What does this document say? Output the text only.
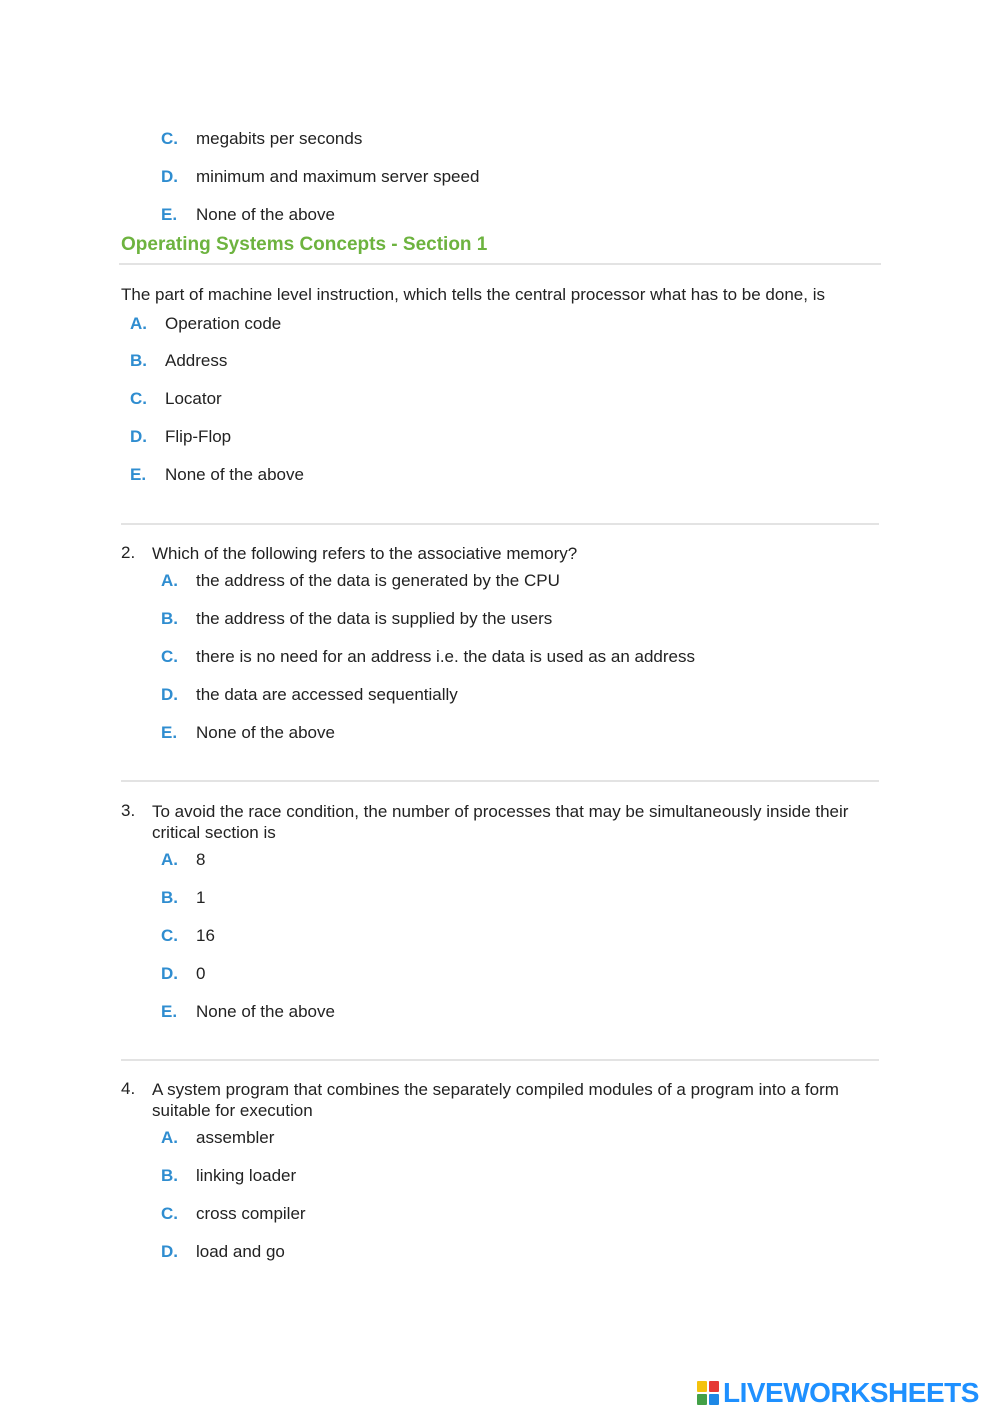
C. megabits per seconds
D. minimum and maximum server speed
E. None of the above
Operating Systems Concepts - Section 1
The part of machine level instruction, which tells the central processor what has to be done, is
A. Operation code
B. Address
C. Locator
D. Flip-Flop
E. None of the above
2. Which of the following refers to the associative memory?
A. the address of the data is generated by the CPU
B. the address of the data is supplied by the users
C. there is no need for an address i.e. the data is used as an address
D. the data are accessed sequentially
E. None of the above
3. To avoid the race condition, the number of processes that may be simultaneously inside their critical section is
A. 8
B. 1
C. 16
D. 0
E. None of the above
4. A system program that combines the separately compiled modules of a program into a form suitable for execution
A. assembler
B. linking loader
C. cross compiler
D. load and go
LIVEWORKSHEETS
